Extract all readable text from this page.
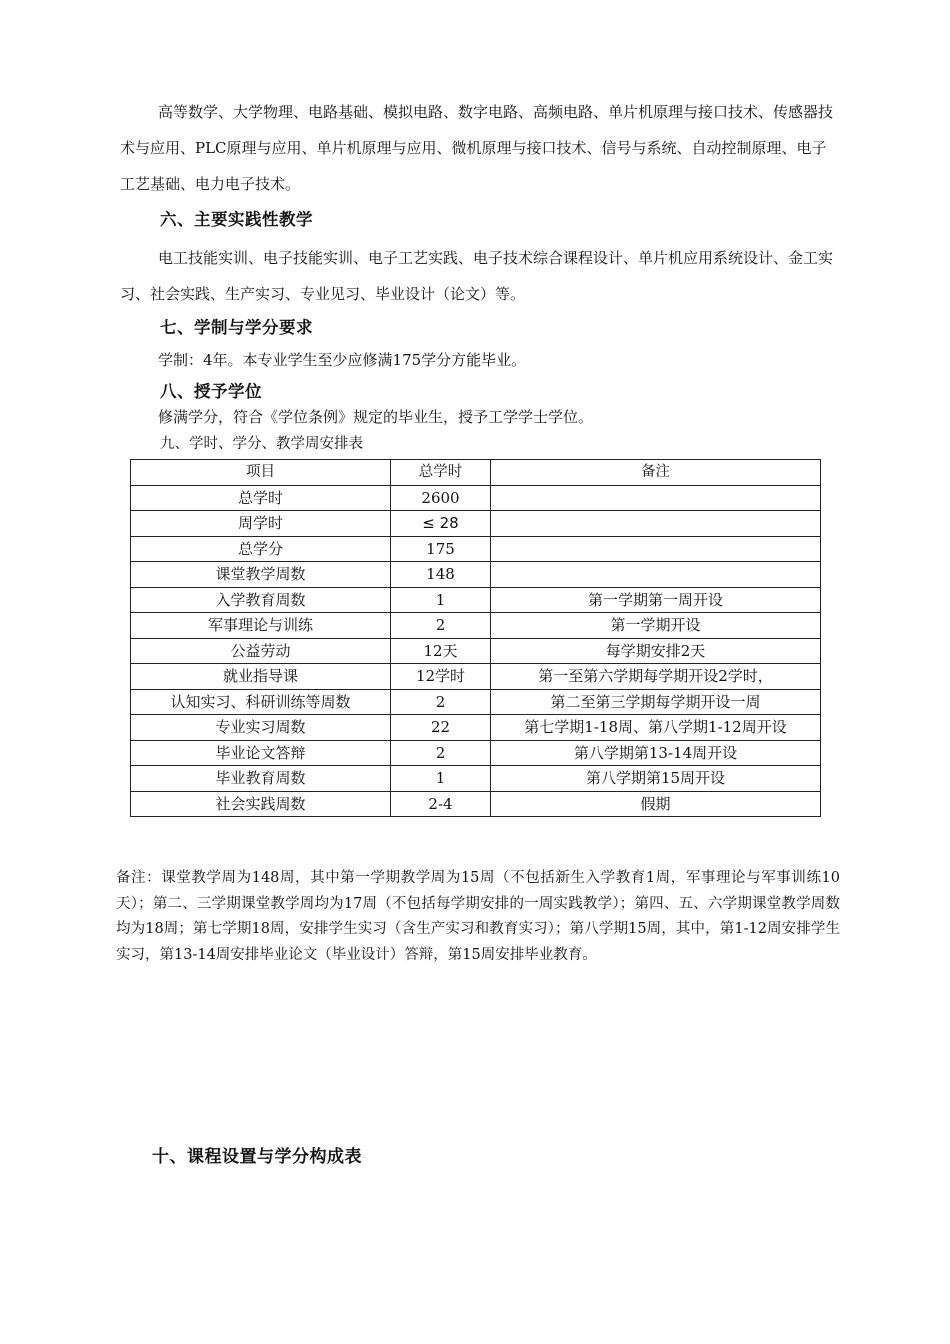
高等数学、大学物理、电路基础、模拟电路、数字电路、高频电路、单片机原理与接口技术、传感器技术与应用、PLC原理与应用、单片机原理与应用、微机原理与接口技术、信号与系统、自动控制原理、电子工艺基础、电力电子技术。
六、主要实践性教学
电工技能实训、电子技能实训、电子工艺实践、电子技术综合课程设计、单片机应用系统设计、金工实习、社会实践、生产实习、专业见习、毕业设计（论文）等。
七、学制与学分要求
学制：4年。本专业学生至少应修满175学分方能毕业。
八、授予学位
修满学分，符合《学位条例》规定的毕业生，授予工学学士学位。
九、学时、学分、教学周安排表
项目	总学时	备注
总学时	2600	
周学时	≤ 28	
总学分	175	
课堂教学周数	148	
入学教育周数	1	第一学期第一周开设
军事理论与训练	2	第一学期开设
公益劳动	12天	每学期安排2天
就业指导课	12学时	第一至第六学期每学期开设2学时，
认知实习、科研训练等周数	2	第二至第三学期每学期开设一周
专业实习周数	22	第七学期1-18周、第八学期1-12周开设
毕业论文答辩	2	第八学期第13-14周开设
毕业教育周数	1	第八学期第15周开设
社会实践周数	2-4	假期
备注：课堂教学周为148周，其中第一学期教学周为15周（不包括新生入学教育1周，军事理论与军事训练10天）；第二、三学期课堂教学周均为17周（不包括每学期安排的一周实践教学）；第四、五、六学期课堂教学周数均为18周；第七学期18周，安排学生实习（含生产实习和教育实习）；第八学期15周，其中，第1-12周安排学生实习，第13-14周安排毕业论文（毕业设计）答辩，第15周安排毕业教育。
十、课程设置与学分构成表
